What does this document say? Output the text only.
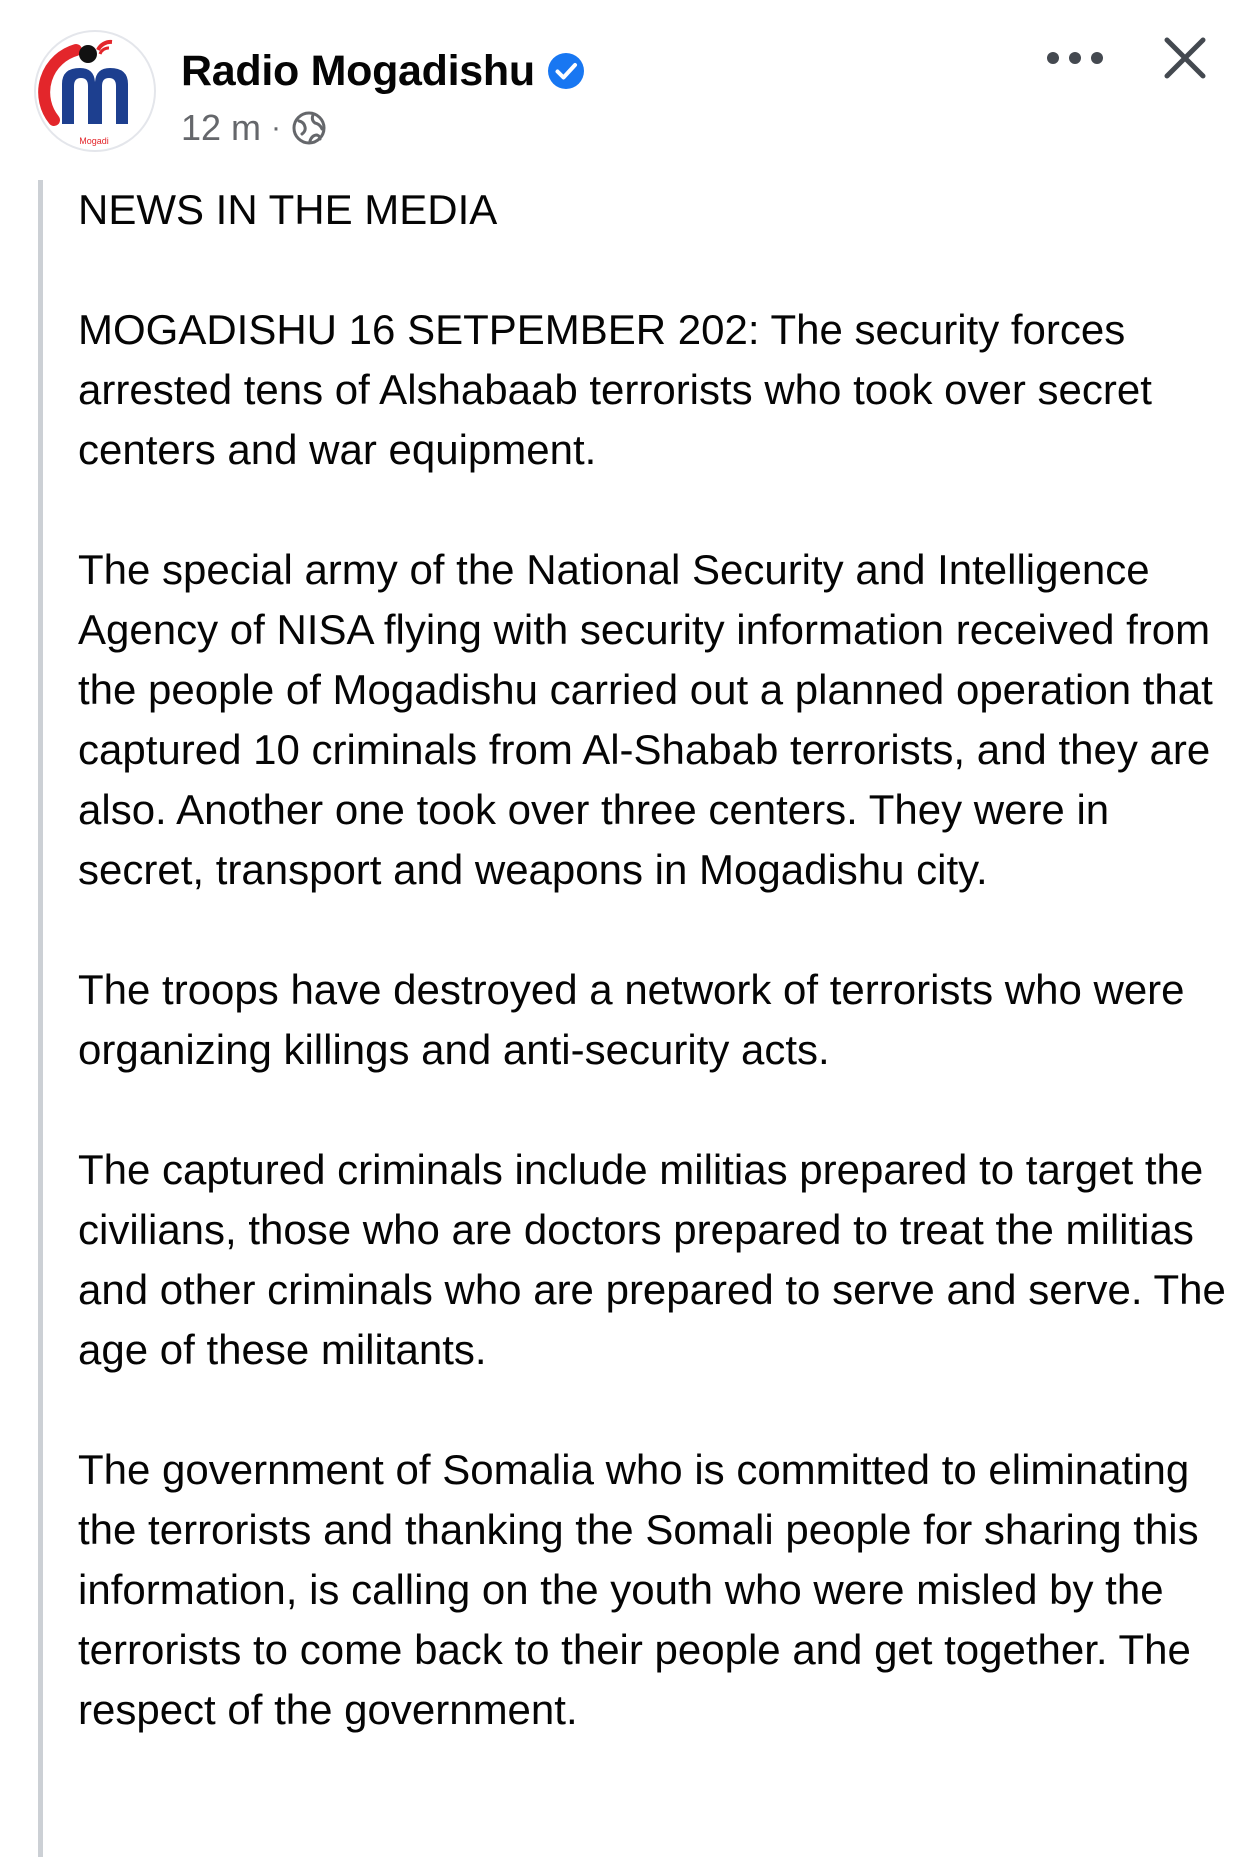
Mogadi
Radio Mogadishu
12 m ·

NEWS IN THE MEDIA

MOGADISHU 16 SETPEMBER 202: The security forces arrested tens of Alshabaab terrorists who took over secret centers and war equipment.

The special army of the National Security and Intelligence Agency of NISA flying with security information received from the people of Mogadishu carried out a planned operation that captured 10 criminals from Al-Shabab terrorists, and they are also. Another one took over three centers. They were in secret, transport and weapons in Mogadishu city.

The troops have destroyed a network of terrorists who were organizing killings and anti-security acts.

The captured criminals include militias prepared to target the civilians, those who are doctors prepared to treat the militias and other criminals who are prepared to serve and serve. The age of these militants.

The government of Somalia who is committed to eliminating the terrorists and thanking the Somali people for sharing this information, is calling on the youth who were misled by the terrorists to come back to their people and get together. The respect of the government.
